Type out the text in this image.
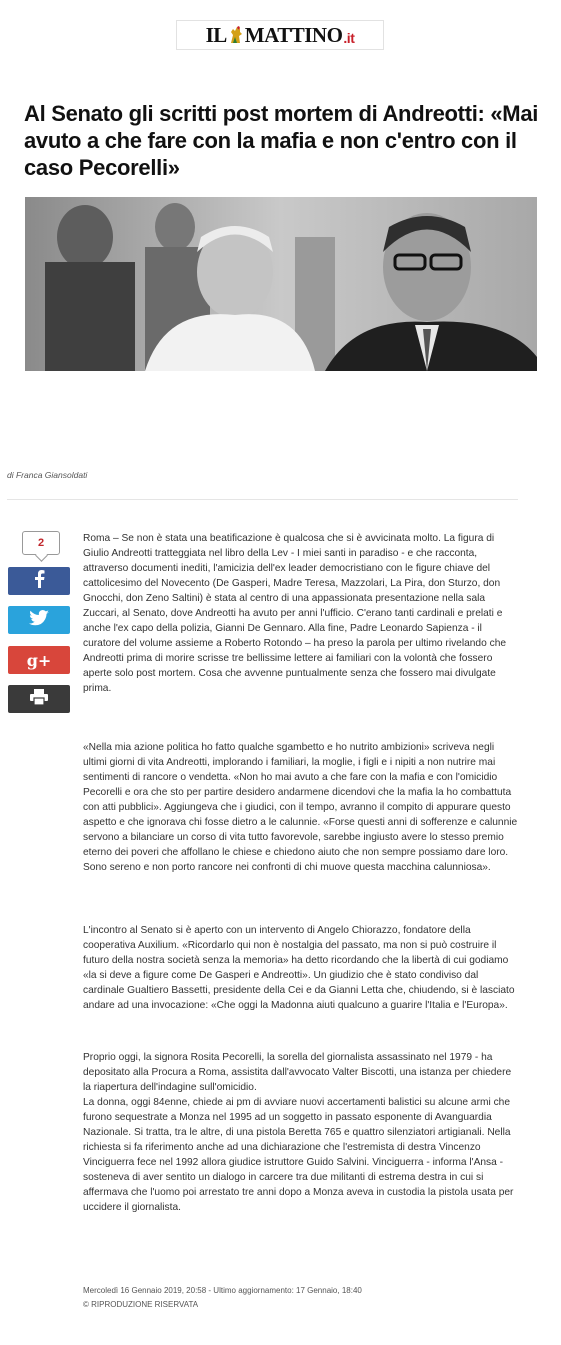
IL MATTINO .it
Al Senato gli scritti post mortem di Andreotti: «Mai avuto a che fare con la mafia e non c'entro con il caso Pecorelli»
di Franca Giansoldati
2
g+

Roma – Se non è stata una beatificazione è qualcosa che si è avvicinata molto. La figura di Giulio Andreotti tratteggiata nel libro della Lev - I miei santi in paradiso - e che racconta, attraverso documenti inediti, l'amicizia dell'ex leader democristiano con le figure chiave del cattolicesimo del Novecento (De Gasperi, Madre Teresa, Mazzolari, La Pira, don Sturzo, don Gnocchi, don Zeno Saltini) è stata al centro di una appassionata presentazione nella sala Zuccari, al Senato, dove Andreotti ha avuto per anni l'ufficio. C'erano tanti cardinali e prelati e anche l'ex capo della polizia, Gianni De Gennaro. Alla fine, Padre Leonardo Sapienza - il curatore del volume assieme a Roberto Rotondo – ha preso la parola per ultimo rivelando che Andreotti prima di morire scrisse tre bellissime lettere ai familiari con la volontà che fossero aperte solo post mortem. Cosa che avvenne puntualmente senza che fossero mai divulgate prima.

«Nella mia azione politica ho fatto qualche sgambetto e ho nutrito ambizioni» scriveva negli ultimi giorni di vita Andreotti, implorando i familiari, la moglie, i figli e i nipiti a non nutrire mai sentimenti di rancore o vendetta. «Non ho mai avuto a che fare con la mafia e con l'omicidio Pecorelli e ora che sto per partire desidero andarmene dicendovi che la mafia la ho combattuta con atti pubblici». Aggiungeva che i giudici, con il tempo, avranno il compito di appurare questo aspetto e che ignorava chi fosse dietro a le calunnie. «Forse questi anni di sofferenze e calunnie servono a bilanciare un corso di vita tutto favorevole, sarebbe ingiusto avere lo stesso premio eterno dei poveri che affollano le chiese e chiedono aiuto che non sempre possiamo dare loro. Sono sereno e non porto rancore nei confronti di chi muove questa macchina calunniosa».

L'incontro al Senato si è aperto con un intervento di Angelo Chiorazzo, fondatore della cooperativa Auxilium. «Ricordarlo qui non è nostalgia del passato, ma non si può costruire il futuro della nostra società senza la memoria» ha detto ricordando che la libertà di cui godiamo «la si deve a figure come De Gasperi e Andreotti». Un giudizio che è stato condiviso dal cardinale Gualtiero Bassetti, presidente della Cei e da Gianni Letta che, chiudendo, si è lasciato andare ad una invocazione: «Che oggi la Madonna aiuti qualcuno a guarire l'Italia e l'Europa».

Proprio oggi, la signora Rosita Pecorelli, la sorella del giornalista assassinato nel 1979 - ha depositato alla Procura a Roma, assistita dall'avvocato Valter Biscotti, una istanza per chiedere la riapertura dell'indagine sull'omicidio.
La donna, oggi 84enne, chiede ai pm di avviare nuovi accertamenti balistici su alcune armi che furono sequestrate a Monza nel 1995 ad un soggetto in passato esponente di Avanguardia Nazionale. Si tratta, tra le altre, di una pistola Beretta 765 e quattro silenziatori artigianali. Nella richiesta si fa riferimento anche ad una dichiarazione che l'estremista di destra Vincenzo Vinciguerra fece nel 1992 allora giudice istruttore Guido Salvini. Vinciguerra - informa l'Ansa - sosteneva di aver sentito un dialogo in carcere tra due militanti di estrema destra in cui si affermava che l'uomo poi arrestato tre anni dopo a Monza aveva in custodia la pistola usata per uccidere il giornalista.

Mercoledì 16 Gennaio 2019, 20:58 - Ultimo aggiornamento: 17 Gennaio, 18:40
© RIPRODUZIONE RISERVATA
